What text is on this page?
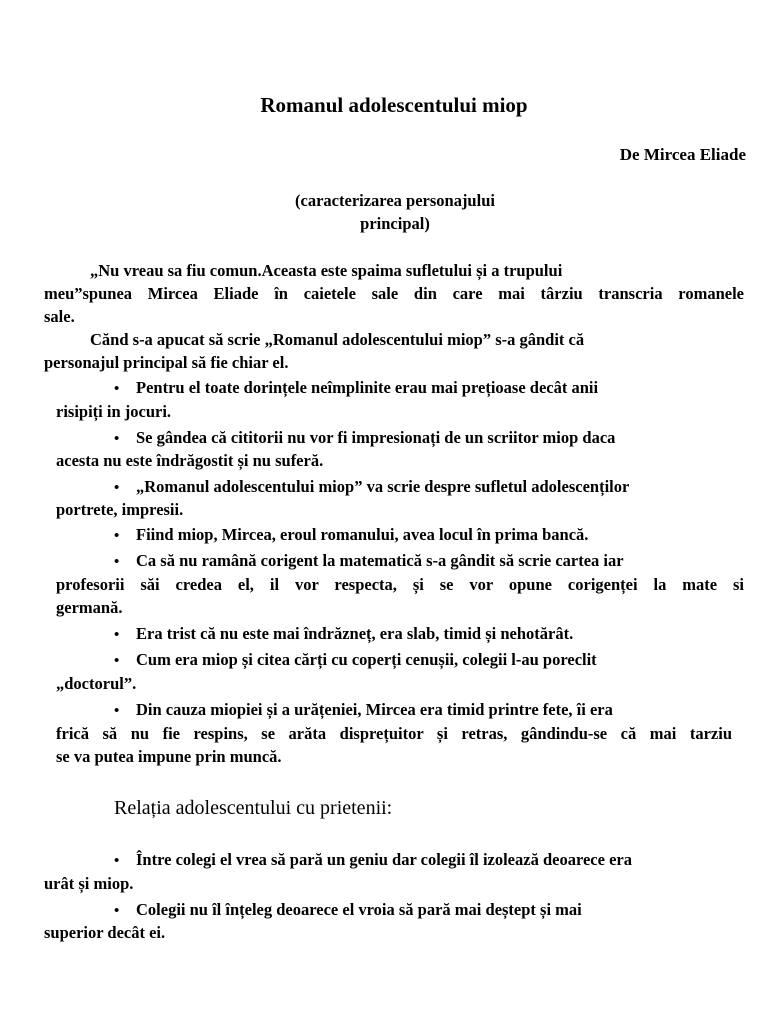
Romanul adolescentului miop
De Mircea Eliade
(caracterizarea personajului
principal)
„Nu vreau sa fiu comun.Aceasta este spaima sufletului și a trupului
meu”spunea Mircea Eliade în caietele sale din care mai târziu transcria romanele
sale.
Cănd s-a apucat să scrie „Romanul adolescentului miop” s-a gândit că
personajul principal să fie chiar el.
• Pentru el toate dorințele neîmplinite erau mai prețioase decât anii
risipiți in jocuri.
• Se gândea că cititorii nu vor fi impresionați de un scriitor miop daca
acesta nu este îndrăgostit și nu suferă.
• „Romanul adolescentului miop” va scrie despre sufletul adolescenților
portrete, impresii.
• Fiind miop, Mircea, eroul romanului, avea locul în prima bancă.
• Ca să nu ramână corigent la matematică s-a gândit să scrie cartea iar
profesorii săi credea el, il vor respecta, și se vor opune corigenței la mate si
germană.
• Era trist că nu este mai îndrăzneț, era slab, timid și nehotărât.
• Cum era miop și citea cărți cu coperți cenușii, colegii l-au poreclit
„doctorul”.
• Din cauza miopiei și a urățeniei, Mircea era timid printre fete, îi era
frică să nu fie respins, se arăta disprețuitor și retras, gândindu-se că mai tarziu
se va putea impune prin muncă.
Relația adolescentului cu prietenii:
• Între colegi el vrea să pară un geniu dar colegii îl izolează deoarece era
urât și miop.
• Colegii nu îl înțeleg deoarece el vroia să pară mai deștept și mai
superior decât ei.
